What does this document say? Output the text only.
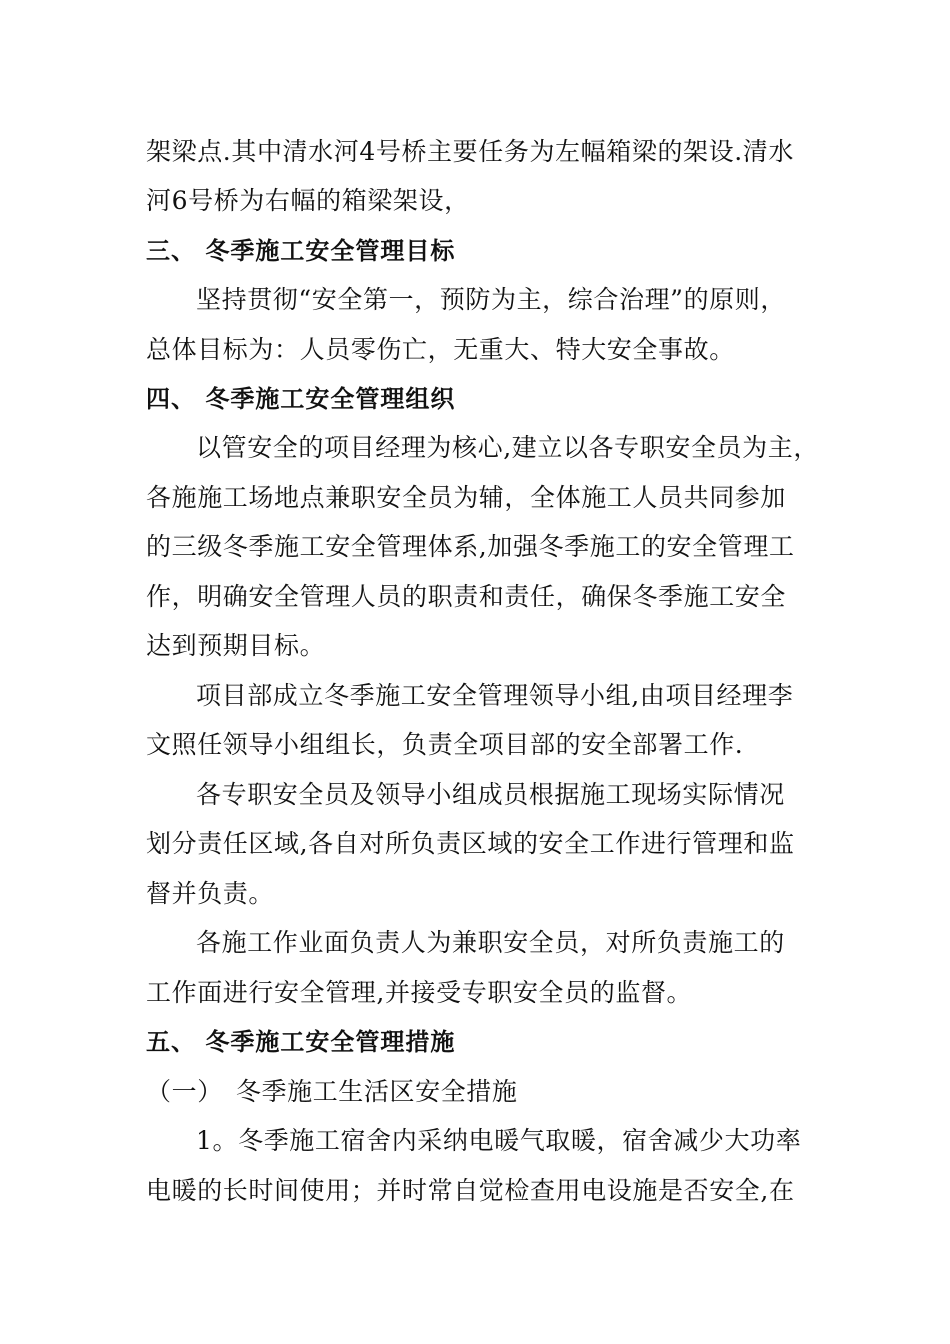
架梁点.其中清水河4号桥主要任务为左幅箱梁的架设.清水
河6号桥为右幅的箱梁架设，
三、 冬季施工安全管理目标
坚持贯彻“安全第一，预防为主，综合治理”的原则，
总体目标为：人员零伤亡，无重大、特大安全事故。
四、 冬季施工安全管理组织
以管安全的项目经理为核心,建立以各专职安全员为主，
各施施工场地点兼职安全员为辅，全体施工人员共同参加
的三级冬季施工安全管理体系,加强冬季施工的安全管理工
作，明确安全管理人员的职责和责任，确保冬季施工安全
达到预期目标。
项目部成立冬季施工安全管理领导小组,由项目经理李
文照任领导小组组长，负责全项目部的安全部署工作.
各专职安全员及领导小组成员根据施工现场实际情况
划分责任区域,各自对所负责区域的安全工作进行管理和监
督并负责。
各施工作业面负责人为兼职安全员，对所负责施工的
工作面进行安全管理,并接受专职安全员的监督。
五、 冬季施工安全管理措施
（一）　冬季施工生活区安全措施
1。冬季施工宿舍内采纳电暖气取暖，宿舍减少大功率
电暖的长时间使用；并时常自觉检查用电设施是否安全,在
